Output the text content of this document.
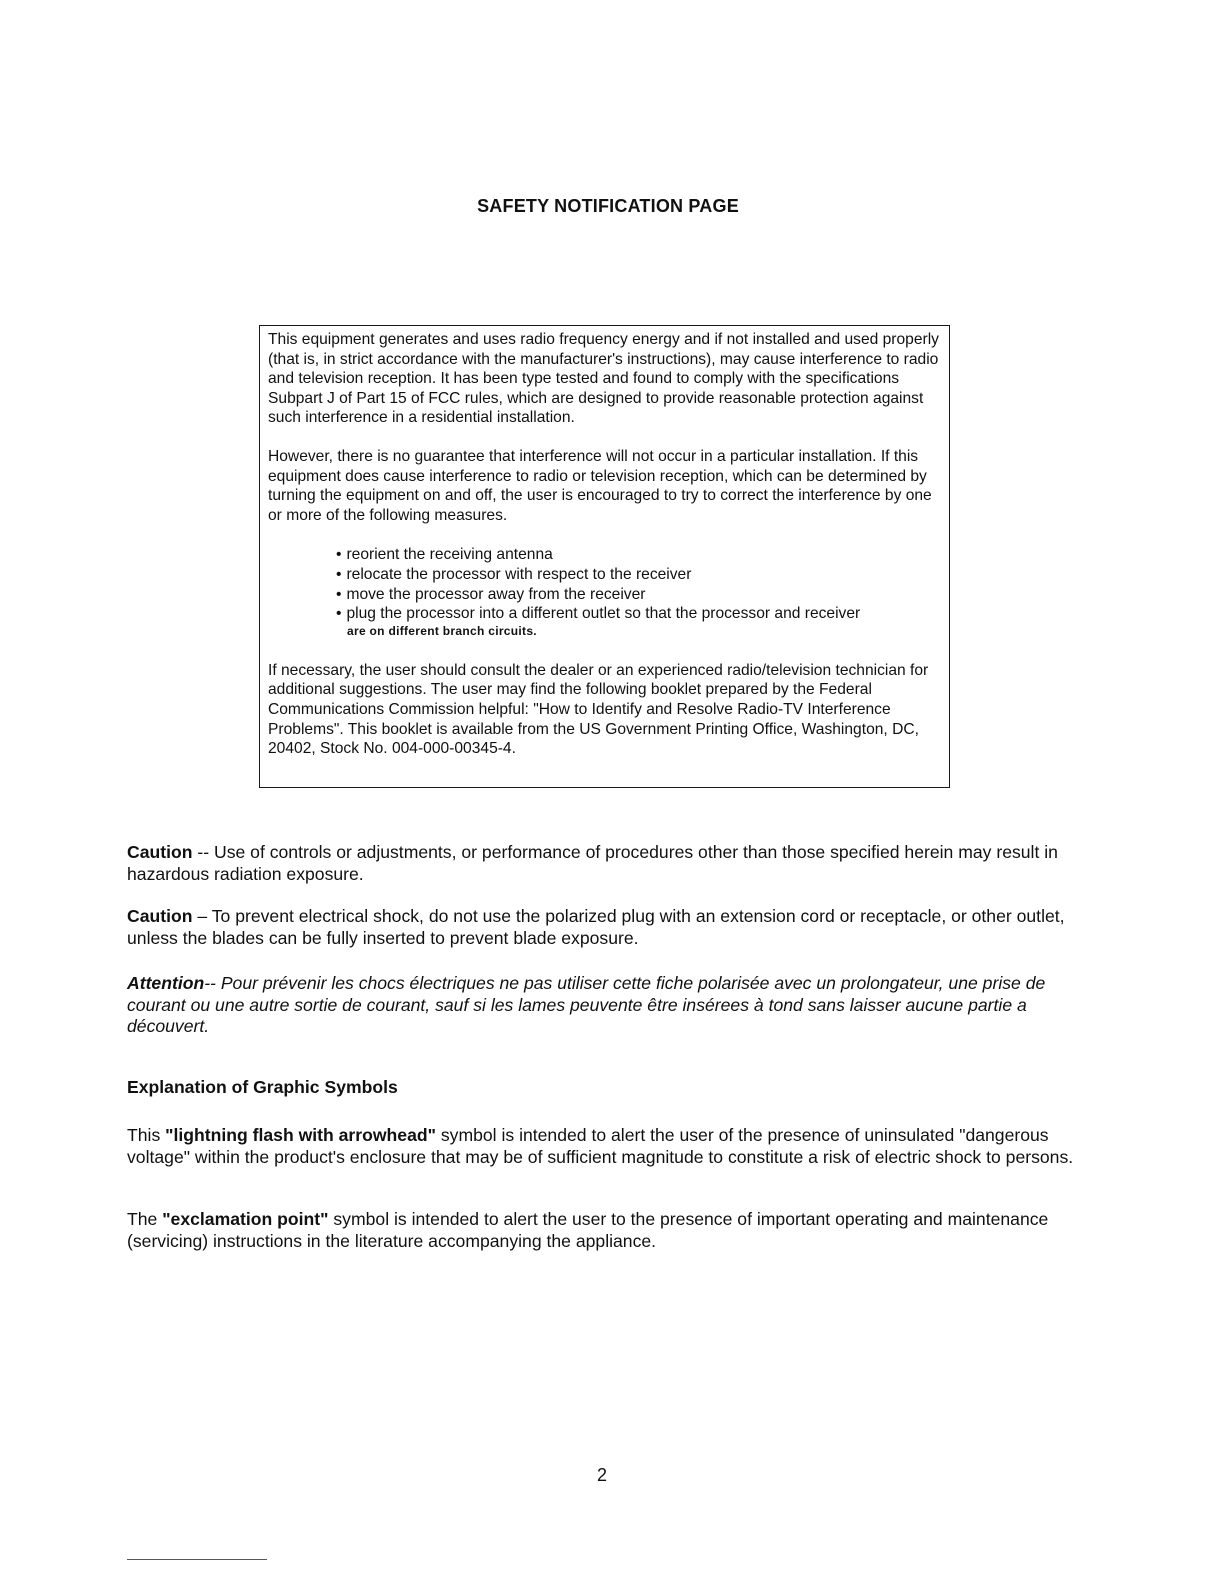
SAFETY NOTIFICATION PAGE

This equipment generates and uses radio frequency energy and if not installed and used properly (that is, in strict accordance with the manufacturer's instructions), may cause interference to radio and television reception. It has been type tested and found to comply with the specifications Subpart J of Part 15 of FCC rules, which are designed to provide reasonable protection against such interference in a residential installation.

However, there is no guarantee that interference will not occur in a particular installation. If this equipment does cause interference to radio or television reception, which can be determined by turning the equipment on and off, the user is encouraged to try to correct the interference by one or more of the following measures.

• reorient the receiving antenna
• relocate the processor with respect to the receiver
• move the processor away from the receiver
• plug the processor into a different outlet so that the processor and receiver
are on different branch circuits.

If necessary, the user should consult the dealer or an experienced radio/television technician for additional suggestions. The user may find the following booklet prepared by the Federal Communications Commission helpful: "How to Identify and Resolve Radio-TV Interference Problems". This booklet is available from the US Government Printing Office, Washington, DC, 20402, Stock No. 004-000-00345-4.

Caution -- Use of controls or adjustments, or performance of procedures other than those specified herein may result in hazardous radiation exposure.

Caution – To prevent electrical shock, do not use the polarized plug with an extension cord or receptacle, or other outlet, unless the blades can be fully inserted to prevent blade exposure.

Attention-- Pour prévenir les chocs électriques ne pas utiliser cette fiche polarisée avec un prolongateur, une prise de courant ou une autre sortie de courant, sauf si les lames peuvente être insérees à tond sans laisser aucune partie a découvert.

Explanation of Graphic Symbols

This "lightning flash with arrowhead" symbol is intended to alert the user of the presence of uninsulated "dangerous voltage" within the product's enclosure that may be of sufficient magnitude to constitute a risk of electric shock to persons.

The "exclamation point" symbol is intended to alert the user to the presence of important operating and maintenance (servicing) instructions in the literature accompanying the appliance.

2
